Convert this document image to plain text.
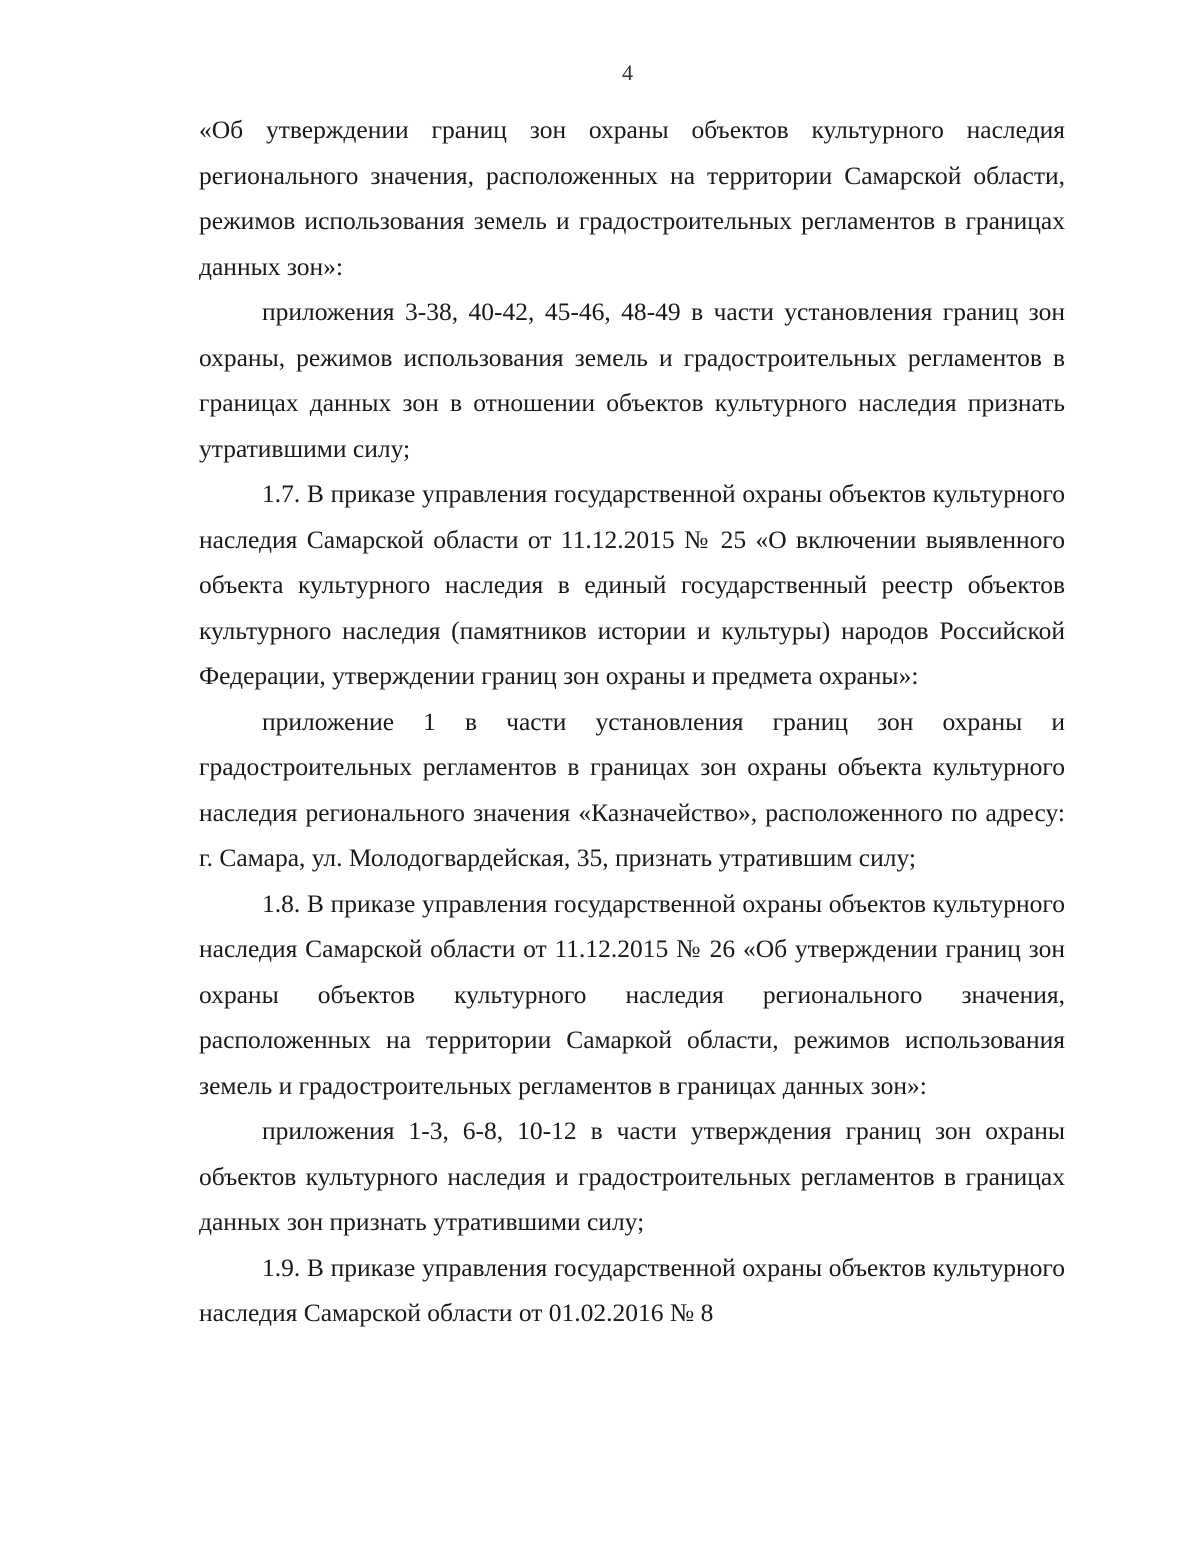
4

«Об утверждении границ зон охраны объектов культурного наследия регионального значения, расположенных на территории Самарской области, режимов использования земель и градостроительных регламентов в границах данных зон»:

приложения 3-38, 40-42, 45-46, 48-49 в части установления границ зон охраны, режимов использования земель и градостроительных регламентов в границах данных зон в отношении объектов культурного наследия признать утратившими силу;

1.7. В приказе управления государственной охраны объектов культурного наследия Самарской области от 11.12.2015 № 25 «О включении выявленного объекта культурного наследия в единый государственный реестр объектов культурного наследия (памятников истории и культуры) народов Российской Федерации, утверждении границ зон охраны и предмета охраны»:

приложение 1 в части установления границ зон охраны и градостроительных регламентов в границах зон охраны объекта культурного наследия регионального значения «Казначейство», расположенного по адресу: г. Самара, ул. Молодогвардейская, 35, признать утратившим силу;

1.8. В приказе управления государственной охраны объектов культурного наследия Самарской области от 11.12.2015 № 26 «Об утверждении границ зон охраны объектов культурного наследия регионального значения, расположенных на территории Самаркой области, режимов использования земель и градостроительных регламентов в границах данных зон»:

приложения 1-3, 6-8, 10-12 в части утверждения границ зон охраны объектов культурного наследия и градостроительных регламентов в границах данных зон признать утратившими силу;

1.9. В приказе управления государственной охраны объектов культурного наследия Самарской области от 01.02.2016 № 8
